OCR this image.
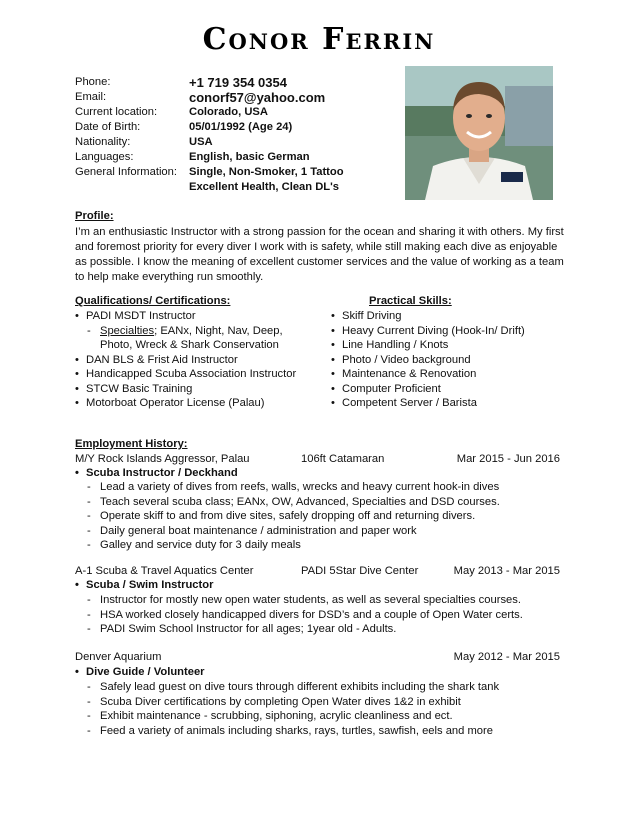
Conor Ferrin
Phone:	+1 719 354 0354
Email:	conorf57@yahoo.com
Current location:	Colorado, USA
Date of Birth:	05/01/1992 (Age 24)
Nationality:	USA
Languages:	English, basic German
General Information:	Single, Non-Smoker, 1 Tattoo
Excellent Health, Clean DL's
Profile:
I’m an enthusiastic Instructor with a strong passion for the ocean and sharing it with others. My first and foremost priority for every diver I work with is safety, while still making each dive as enjoyable as possible. I know the meaning of excellent customer services and the value of working as a team to help make everything run smoothly.
Qualifications/ Certifications:
• PADI MSDT Instructor
- Specialties; EANx, Night, Nav, Deep,
Photo, Wreck & Shark Conservation
• DAN BLS & Frist Aid Instructor
• Handicapped Scuba Association Instructor
• STCW Basic Training
• Motorboat Operator License (Palau)
Practical Skills:
• Skiff Driving
• Heavy Current Diving (Hook-In/ Drift)
• Line Handling / Knots
• Photo / Video background
• Maintenance & Renovation
• Computer Proficient
• Competent Server / Barista
Employment History:
M/Y Rock Islands Aggressor, Palau	106ft Catamaran	Mar 2015 - Jun 2016
• Scuba Instructor / Deckhand
- Lead a variety of dives from reefs, walls, wrecks and heavy current hook-in dives
- Teach several scuba class; EANx, OW, Advanced, Specialties and DSD courses.
- Operate skiff to and from dive sites, safely dropping off and returning divers.
- Daily general boat maintenance / administration and paper work
- Galley and service duty for 3 daily meals
A-1 Scuba & Travel Aquatics Center	PADI 5Star Dive Center	May 2013 - Mar 2015
• Scuba / Swim Instructor
- Instructor for mostly new open water students, as well as several specialties courses.
- HSA worked closely handicapped divers for DSD’s and a couple of Open Water certs.
- PADI Swim School Instructor for all ages; 1year old - Adults.
Denver Aquarium	May 2012 - Mar 2015
• Dive Guide / Volunteer
- Safely lead guest on dive tours through different exhibits including the shark tank
- Scuba Diver certifications by completing Open Water dives 1&2 in exhibit
- Exhibit maintenance - scrubbing, siphoning, acrylic cleanliness and ect.
- Feed a variety of animals including sharks, rays, turtles, sawfish, eels and more
